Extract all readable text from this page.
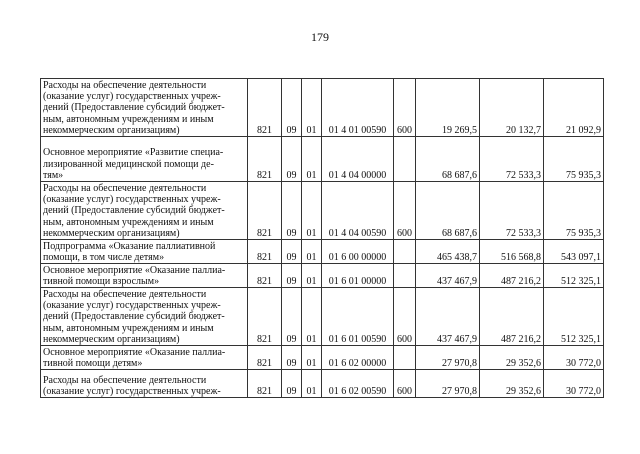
179
Расходы на обеспечение деятельности
(оказание услуг) государственных учреж-
дений (Предоставление субсидий бюджет-
ным, автономным учреждениям и иным
некоммерческим организациям)	821	09	01	01 4 01 00590	600	19 269,5	20 132,7	21 092,9

Основное мероприятие «Развитие специа-
лизированной медицинской помощи де-
тям»	821	09	01	01 4 04 00000		68 687,6	72 533,3	75 935,3

Расходы на обеспечение деятельности
(оказание услуг) государственных учреж-
дений (Предоставление субсидий бюджет-
ным, автономным учреждениям и иным
некоммерческим организациям)	821	09	01	01 4 04 00590	600	68 687,6	72 533,3	75 935,3

Подпрограмма «Оказание паллиативной
помощи, в том числе детям»	821	09	01	01 6 00 00000		465 438,7	516 568,8	543 097,1

Основное мероприятие «Оказание паллиа-
тивной помощи взрослым»	821	09	01	01 6 01 00000		437 467,9	487 216,2	512 325,1

Расходы на обеспечение деятельности
(оказание услуг) государственных учреж-
дений (Предоставление субсидий бюджет-
ным, автономным учреждениям и иным
некоммерческим организациям)	821	09	01	01 6 01 00590	600	437 467,9	487 216,2	512 325,1

Основное мероприятие «Оказание паллиа-
тивной помощи детям»	821	09	01	01 6 02 00000		27 970,8	29 352,6	30 772,0

Расходы на обеспечение деятельности
(оказание услуг) государственных учреж-	821	09	01	01 6 02 00590	600	27 970,8	29 352,6	30 772,0
